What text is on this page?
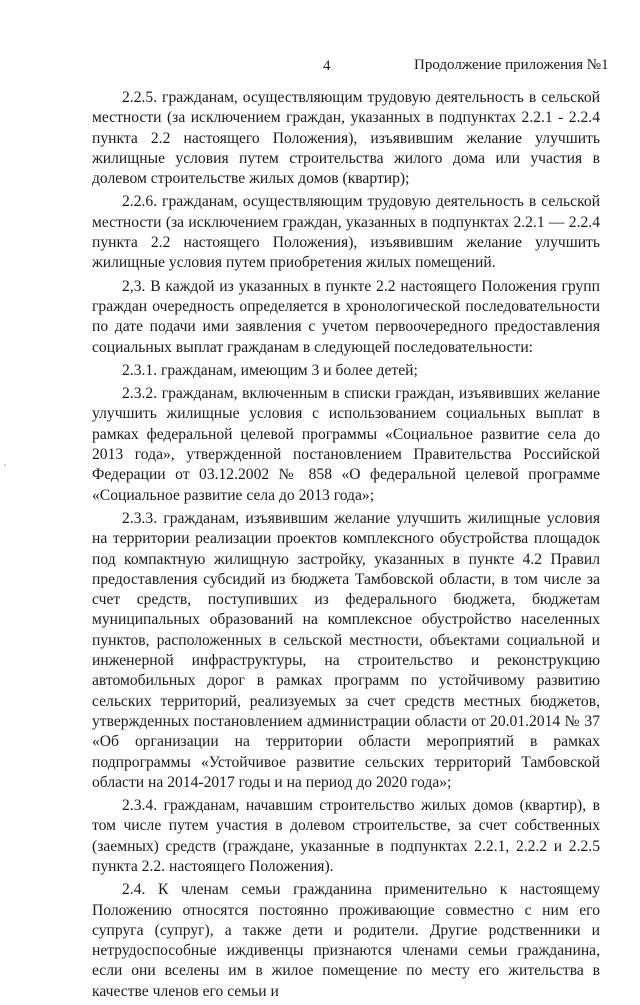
4	Продолжение приложения №1
'

2.2.5. гражданам, осуществляющим трудовую деятельность в сельской местности (за исключением граждан, указанных в подпунктах 2.2.1 - 2.2.4 пункта 2.2 настоящего Положения), изъявившим желание улучшить жилищные условия путем строительства жилого дома или участия в долевом строительстве жилых домов (квартир);

2.2.6. гражданам, осуществляющим трудовую деятельность в сельской местности (за исключением граждан, указанных в подпунктах 2.2.1 — 2.2.4 пункта 2.2 настоящего Положения), изъявившим желание улучшить жилищные условия путем приобретения жилых помещений.

2,3. В каждой из указанных в пункте 2.2 настоящего Положения групп граждан очередность определяется в хронологической последовательности по дате подачи ими заявления с учетом первоочередного предоставления социальных выплат гражданам в следующей последовательности:

2.3.1. гражданам, имеющим 3 и более детей;

2.3.2. гражданам, включенным в списки граждан, изъявивших желание улучшить жилищные условия с использованием социальных выплат в рамках федеральной целевой программы «Социальное развитие села до 2013 года», утвержденной постановлением Правительства Российской Федерации от 03.12.2002 № 858 «О федеральной целевой программе «Социальное развитие села до 2013 года»;

2.3.3. гражданам, изъявившим желание улучшить жилищные условия на территории реализации проектов комплексного обустройства площадок под компактную жилищную застройку, указанных в пункте 4.2 Правил предоставления субсидий из бюджета Тамбовской области, в том числе за счет средств, поступивших из федерального бюджета, бюджетам муниципальных образований на комплексное обустройство населенных пунктов, расположенных в сельской местности, объектами социальной и инженерной инфраструктуры, на строительство и реконструкцию автомобильных дорог в рамках программ по устойчивому развитию сельских территорий, реализуемых за счет средств местных бюджетов, утвержденных постановлением администрации области от 20.01.2014 № 37 «Об организации на территории области мероприятий в рамках подпрограммы «Устойчивое развитие сельских территорий Тамбовской области на 2014-2017 годы и на период до 2020 года»;

2.3.4. гражданам, начавшим строительство жилых домов (квартир), в том числе путем участия в долевом строительстве, за счет собственных (заемных) средств (граждане, указанные в подпунктах 2.2.1, 2.2.2 и 2.2.5 пункта 2.2. настоящего Положения).

2.4. К членам семьи гражданина применительно к настоящему Положению относятся постоянно проживающие совместно с ним его супруга (супруг), а также дети и родители. Другие родственники и нетрудоспособные иждивенцы признаются членами семьи гражданина, если они вселены им в жилое помещение по месту его жительства в качестве членов его семьи и
